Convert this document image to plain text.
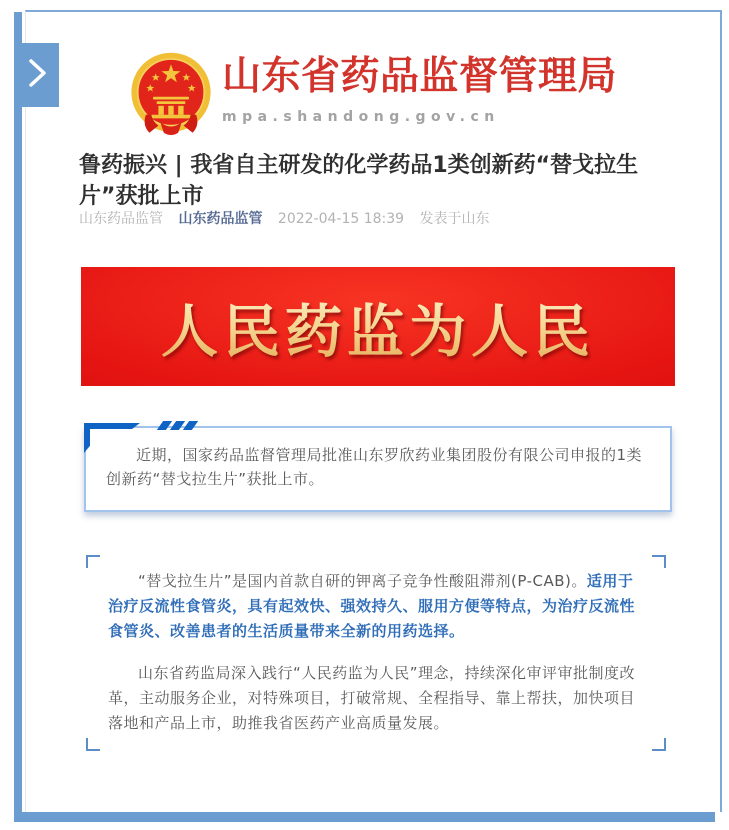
山东省药品监督管理局
mpa.shandong.gov.cn
鲁药振兴 | 我省自主研发的化学药品1类创新药“替戈拉生片”获批上市
山东药品监管 山东药品监管 2022-04-15 18:39 发表于山东
人民药监为人民

近期，国家药品监督管理局批准山东罗欣药业集团股份有限公司申报的1类创新药“替戈拉生片”获批上市。

“替戈拉生片”是国内首款自研的钾离子竞争性酸阻滞剂(P-CAB)。适用于治疗反流性食管炎，具有起效快、强效持久、服用方便等特点，为治疗反流性食管炎、改善患者的生活质量带来全新的用药选择。

山东省药监局深入践行“人民药监为人民”理念，持续深化审评审批制度改革，主动服务企业，对特殊项目，打破常规、全程指导、靠上帮扶，加快项目落地和产品上市，助推我省医药产业高质量发展。
